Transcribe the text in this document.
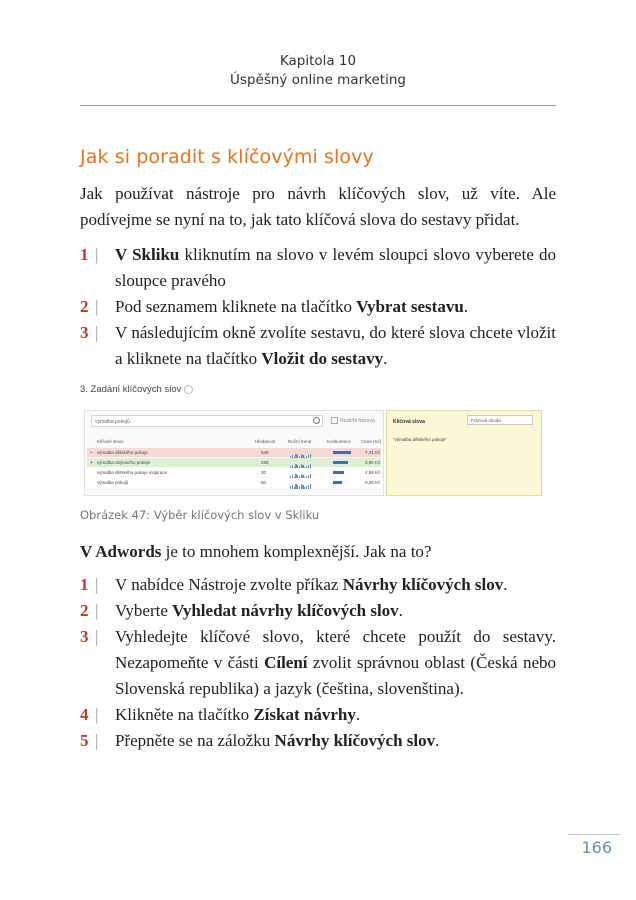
Kapitola 10
Úspěšný online marketing
Jak si poradit s klíčovými slovy
Jak používat nástroje pro návrh klíčových slov, už víte. Ale podívejme se nyní na to, jak tato klíčová slova do sestavy přidat.
1 | V Skliku kliknutím na slovo v levém sloupci slovo vyberete do sloupce pravého
2 | Pod seznamem kliknete na tlačítko Vybrat sestavu.
3 | V následujícím okně zvolíte sestavu, do které slova chcete vložit a kliknete na tlačítko Vložit do sestavy.
3. Zadání klíčových slov
výmalba pokojů	Rozšířit frázová
Klíčové slovo	Hledanost	Roční trend	Konkurence Cena (Kč)
− výmalba dětského pokoje	549	7,41 Kč
+ výmalba obývacího pokoje	258	3,86 Kč
výmalba dětského pokoje inspirace	30	4,59 Kč
výmalba pokojů	50	0,26 Kč
Klíčová slova	Frázová shoda
"výmalba dětského pokoje"
Obrázek 47: Výběr klíčových slov v Skliku
V Adwords je to mnohem komplexnější. Jak na to?
1 | V nabídce Nástroje zvolte příkaz Návrhy klíčových slov.
2 | Vyberte Vyhledat návrhy klíčových slov.
3 | Vyhledejte klíčové slovo, které chcete použít do sestavy. Nezapomeňte v části Cílení zvolit správnou oblast (Česká nebo Slovenská republika) a jazyk (čeština, slovenština).
4 | Klikněte na tlačítko Získat návrhy.
5 | Přepněte se na záložku Návrhy klíčových slov.
166
